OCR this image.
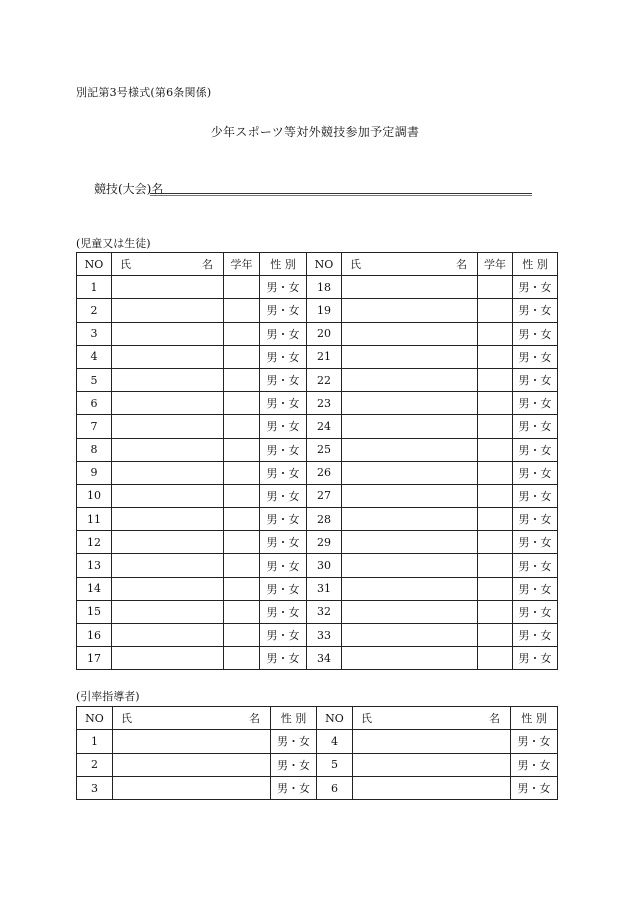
別記第3号様式(第6条関係)
少年スポーツ等対外競技参加予定調書
競技(大会)名
(児童又は生徒)
NO	氏 名	学年	性 別	NO	氏 名	学年	性 別
1			男・女	18			男・女
2			男・女	19			男・女
3			男・女	20			男・女
4			男・女	21			男・女
5			男・女	22			男・女
6			男・女	23			男・女
7			男・女	24			男・女
8			男・女	25			男・女
9			男・女	26			男・女
10			男・女	27			男・女
11			男・女	28			男・女
12			男・女	29			男・女
13			男・女	30			男・女
14			男・女	31			男・女
15			男・女	32			男・女
16			男・女	33			男・女
17			男・女	34			男・女
(引率指導者)
NO	氏 名	性 別	NO	氏 名	性 別
1		男・女	4		男・女
2		男・女	5		男・女
3		男・女	6		男・女
